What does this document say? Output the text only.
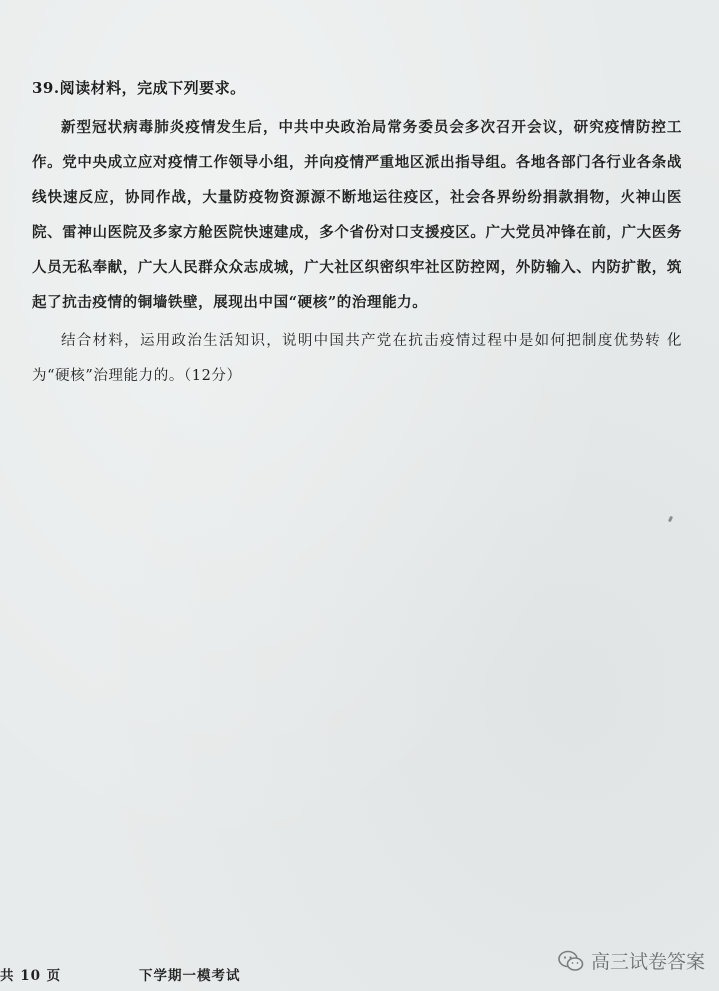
39.阅读材料，完成下列要求。

新型冠状病毒肺炎疫情发生后，中共中央政治局常务委员会多次召开会议，研究疫情防控工作。党中央成立应对疫情工作领导小组，并向疫情严重地区派出指导组。各地各部门各行业各条战线快速反应，协同作战，大量防疫物资源源不断地运往疫区，社会各界纷纷捐款捐物，火神山医院、雷神山医院及多家方舱医院快速建成，多个省份对口支援疫区。广大党员冲锋在前，广大医务人员无私奉献，广大人民群众众志成城，广大社区织密织牢社区防控网，外防输入、内防扩散，筑起了抗击疫情的铜墙铁壁，展现出中国“硬核”的治理能力。

结合材料，运用政治生活知识，说明中国共产党在抗击疫情过程中是如何把制度优势转 化为“硬核”治理能力的。（12分）

共 10 页	下学期一模考试
高三试卷答案
